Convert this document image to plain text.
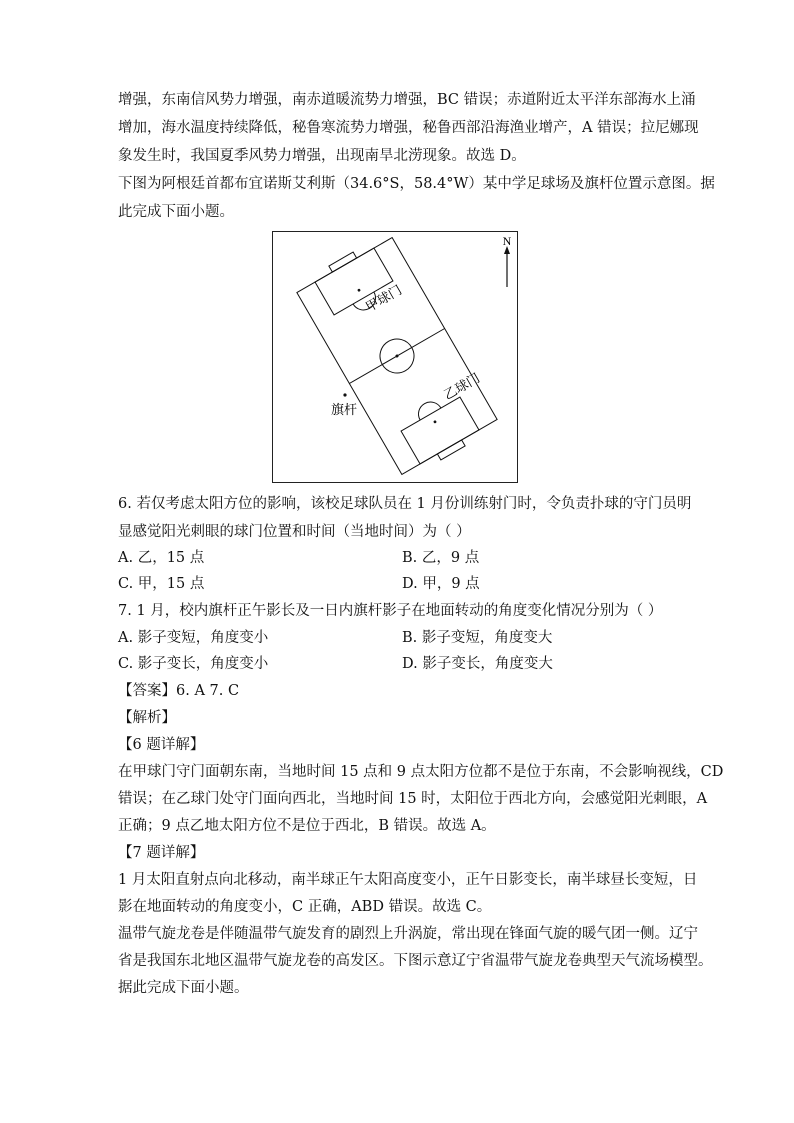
增强，东南信风势力增强，南赤道暖流势力增强，BC 错误；赤道附近太平洋东部海水上涌
增加，海水温度持续降低，秘鲁寒流势力增强，秘鲁西部沿海渔业增产，A 错误；拉尼娜现
象发生时，我国夏季风势力增强，出现南旱北涝现象。故选 D。
下图为阿根廷首都布宜诺斯艾利斯（34.6°S，58.4°W）某中学足球场及旗杆位置示意图。据
此完成下面小题。
N
甲球门
乙球门
旗杆
6. 若仅考虑太阳方位的影响，该校足球队员在 1 月份训练射门时，令负责扑球的守门员明
显感觉阳光刺眼的球门位置和时间（当地时间）为（ ）
A. 乙，15 点	B. 乙，9 点
C. 甲，15 点	D. 甲，9 点
7. 1 月，校内旗杆正午影长及一日内旗杆影子在地面转动的角度变化情况分别为（ ）
A. 影子变短，角度变小	B. 影子变短，角度变大
C. 影子变长，角度变小	D. 影子变长，角度变大
【答案】6. A 7. C
【解析】
【6 题详解】
在甲球门守门面朝东南，当地时间 15 点和 9 点太阳方位都不是位于东南，不会影响视线，CD
错误；在乙球门处守门面向西北，当地时间 15 时，太阳位于西北方向，会感觉阳光刺眼，A
正确；9 点乙地太阳方位不是位于西北，B 错误。故选 A。
【7 题详解】
1 月太阳直射点向北移动，南半球正午太阳高度变小，正午日影变长，南半球昼长变短，日
影在地面转动的角度变小，C 正确，ABD 错误。故选 C。
温带气旋龙卷是伴随温带气旋发育的剧烈上升涡旋，常出现在锋面气旋的暖气团一侧。辽宁
省是我国东北地区温带气旋龙卷的高发区。下图示意辽宁省温带气旋龙卷典型天气流场模型。
据此完成下面小题。
